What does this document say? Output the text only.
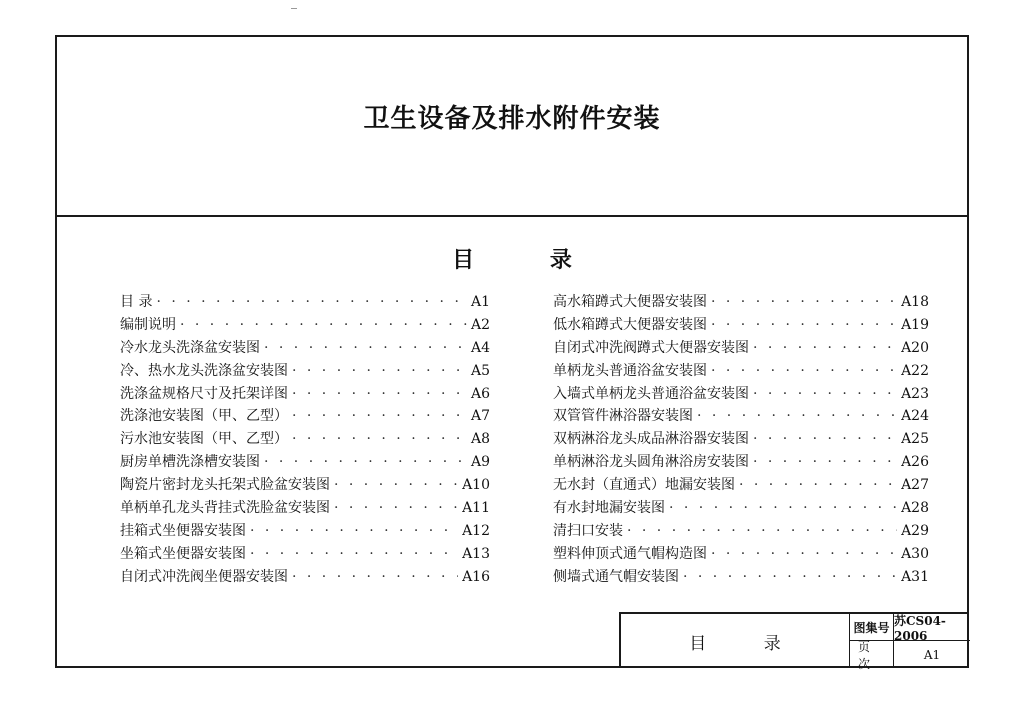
卫生设备及排水附件安装
目 录
目 录 · · ·	A1
编制说明 · · ·	A2
冷水龙头洗涤盆安装图 · · ·	A4
冷、热水龙头洗涤盆安装图 · · ·	A5
洗涤盆规格尺寸及托架详图 · · ·	A6
洗涤池安装图（甲、乙型） · · ·	A7
污水池安装图（甲、乙型） · · ·	A8
厨房单槽洗涤槽安装图 · · ·	A9
陶瓷片密封龙头托架式脸盆安装图 · · ·	A10
单柄单孔龙头背挂式洗脸盆安装图 · · ·	A11
挂箱式坐便器安装图 · · ·	A12
坐箱式坐便器安装图 · · ·	A13
自闭式冲洗阀坐便器安装图 · · ·	A16
高水箱蹲式大便器安装图 · · ·	A18
低水箱蹲式大便器安装图 · · ·	A19
自闭式冲洗阀蹲式大便器安装图 · · ·	A20
单柄龙头普通浴盆安装图 · · ·	A22
入墙式单柄龙头普通浴盆安装图 · · ·	A23
双管管件淋浴器安装图 · · ·	A24
双柄淋浴龙头成品淋浴器安装图 · · ·	A25
单柄淋浴龙头圆角淋浴房安装图 · · ·	A26
无水封（直通式）地漏安装图 · · ·	A27
有水封地漏安装图 · · ·	A28
清扫口安装 · · ·	A29
塑料伸顶式通气帽构造图 · · ·	A30
侧墙式通气帽安装图 · · ·	A31
目 录
图集号 苏CS04-2006
页 次
A1
